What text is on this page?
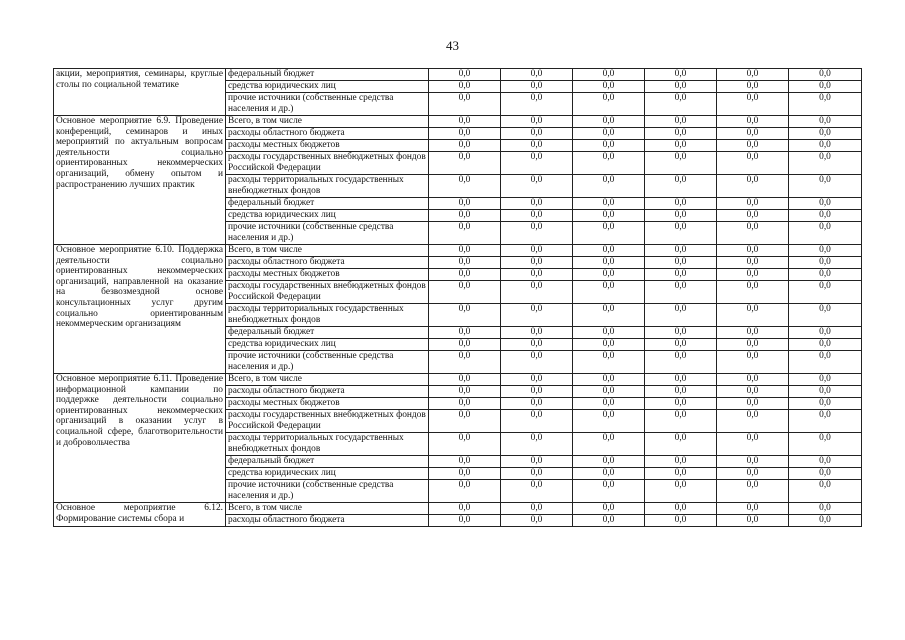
43
акции, мероприятия, семинары, круглые столы по социальной тематике	федеральный бюджет	0,0	0,0	0,0	0,0	0,0	0,0
	средства юридических лиц	0,0	0,0	0,0	0,0	0,0	0,0
	прочие источники (собственные средства населения и др.)	0,0	0,0	0,0	0,0	0,0	0,0
Основное мероприятие 6.9. Проведение конференций, семинаров и иных мероприятий по актуальным вопросам деятельности социально ориентированных некоммерческих организаций, обмену опытом и распространению лучших практик	Всего, в том числе	0,0	0,0	0,0	0,0	0,0	0,0
	расходы областного бюджета	0,0	0,0	0,0	0,0	0,0	0,0
	расходы местных бюджетов	0,0	0,0	0,0	0,0	0,0	0,0
	расходы государственных внебюджетных фондов Российской Федерации	0,0	0,0	0,0	0,0	0,0	0,0
	расходы территориальных государственных внебюджетных фондов	0,0	0,0	0,0	0,0	0,0	0,0
	федеральный бюджет	0,0	0,0	0,0	0,0	0,0	0,0
	средства юридических лиц	0,0	0,0	0,0	0,0	0,0	0,0
	прочие источники (собственные средства населения и др.)	0,0	0,0	0,0	0,0	0,0	0,0
Основное мероприятие 6.10. Поддержка деятельности социально ориентированных некоммерческих организаций, направленной на оказание на безвозмездной основе консультационных услуг другим социально ориентированным некоммерческим организациям	Всего, в том числе	0,0	0,0	0,0	0,0	0,0	0,0
	расходы областного бюджета	0,0	0,0	0,0	0,0	0,0	0,0
	расходы местных бюджетов	0,0	0,0	0,0	0,0	0,0	0,0
	расходы государственных внебюджетных фондов Российской Федерации	0,0	0,0	0,0	0,0	0,0	0,0
	расходы территориальных государственных внебюджетных фондов	0,0	0,0	0,0	0,0	0,0	0,0
	федеральный бюджет	0,0	0,0	0,0	0,0	0,0	0,0
	средства юридических лиц	0,0	0,0	0,0	0,0	0,0	0,0
	прочие источники (собственные средства населения и др.)	0,0	0,0	0,0	0,0	0,0	0,0
Основное мероприятие 6.11. Проведение информационной кампании по поддержке деятельности социально ориентированных некоммерческих организаций в оказании услуг в социальной сфере, благотворительности и добровольчества	Всего, в том числе	0,0	0,0	0,0	0,0	0,0	0,0
	расходы областного бюджета	0,0	0,0	0,0	0,0	0,0	0,0
	расходы местных бюджетов	0,0	0,0	0,0	0,0	0,0	0,0
	расходы государственных внебюджетных фондов Российской Федерации	0,0	0,0	0,0	0,0	0,0	0,0
	расходы территориальных государственных внебюджетных фондов	0,0	0,0	0,0	0,0	0,0	0,0
	федеральный бюджет	0,0	0,0	0,0	0,0	0,0	0,0
	средства юридических лиц	0,0	0,0	0,0	0,0	0,0	0,0
	прочие источники (собственные средства населения и др.)	0,0	0,0	0,0	0,0	0,0	0,0
Основное мероприятие 6.12. Формирование системы сбора и	Всего, в том числе	0,0	0,0	0,0	0,0	0,0	0,0
	расходы областного бюджета	0,0	0,0	0,0	0,0	0,0	0,0
